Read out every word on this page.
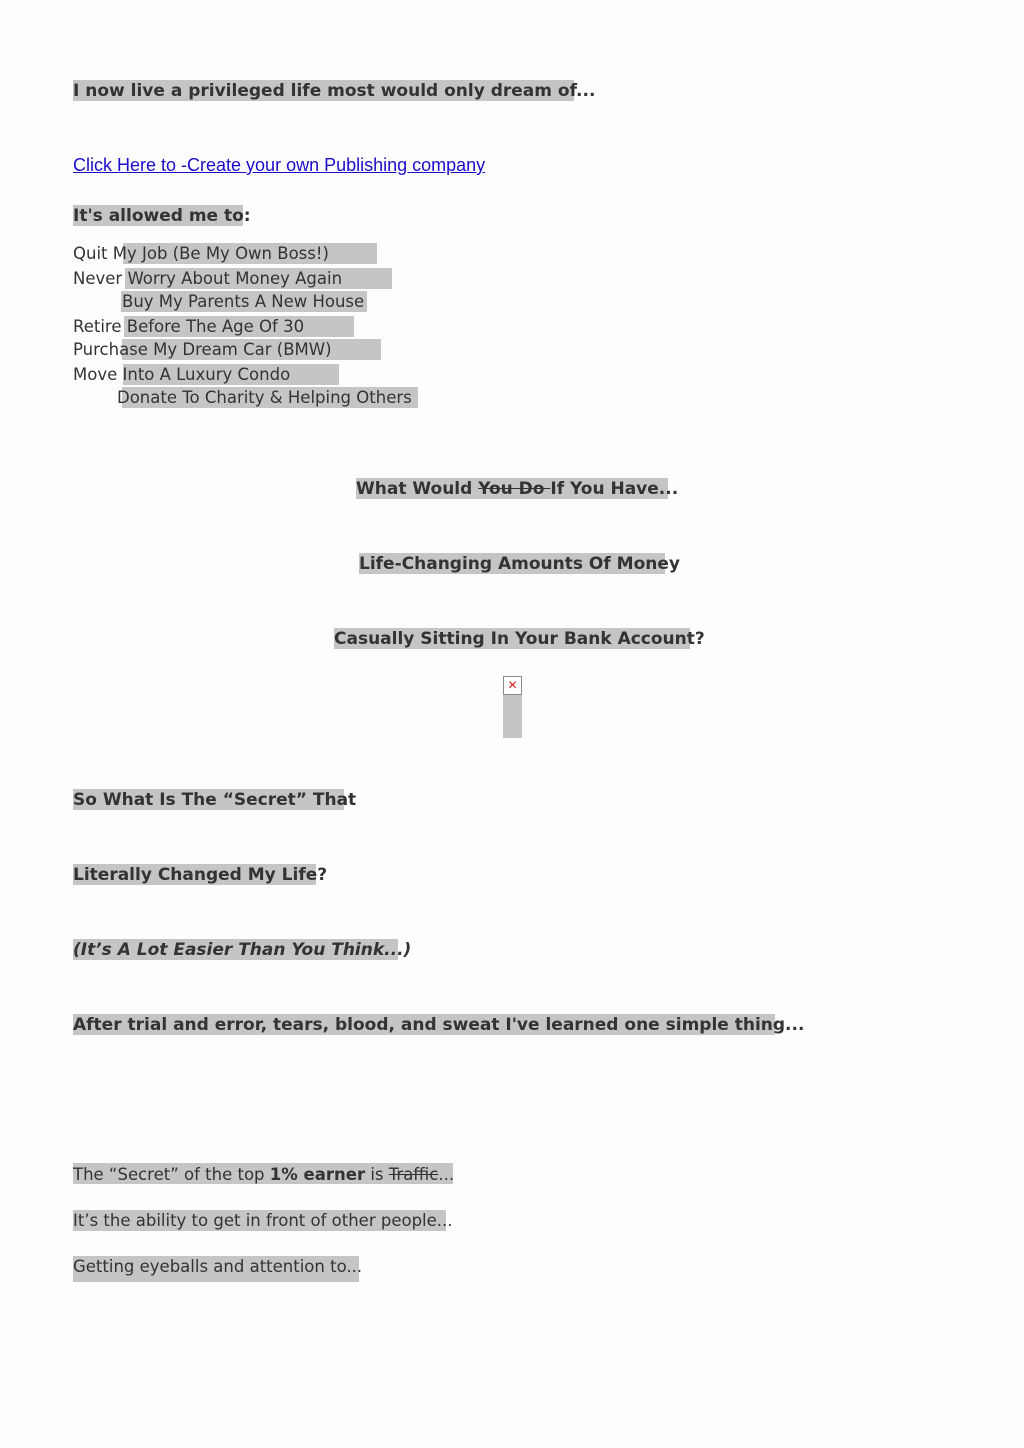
I now live a privileged life most would only dream of...
Click Here to -Create your own Publishing company
It's allowed me to:
Quit My Job (Be My Own Boss!)
Never Worry About Money Again
Buy My Parents A New House
Retire Before The Age Of 30
Purchase My Dream Car (BMW)
Move Into A Luxury Condo
Donate To Charity & Helping Others
What Would You Do If You Have...
Life-Changing Amounts Of Money
Casually Sitting In Your Bank Account?
✕
So What Is The “Secret” That
Literally Changed My Life?
(It’s A Lot Easier Than You Think...)
After trial and error, tears, blood, and sweat I've learned one simple thing...
The “Secret” of the top 1% earner is Traffic...
It’s the ability to get in front of other people...
Getting eyeballs and attention to...
